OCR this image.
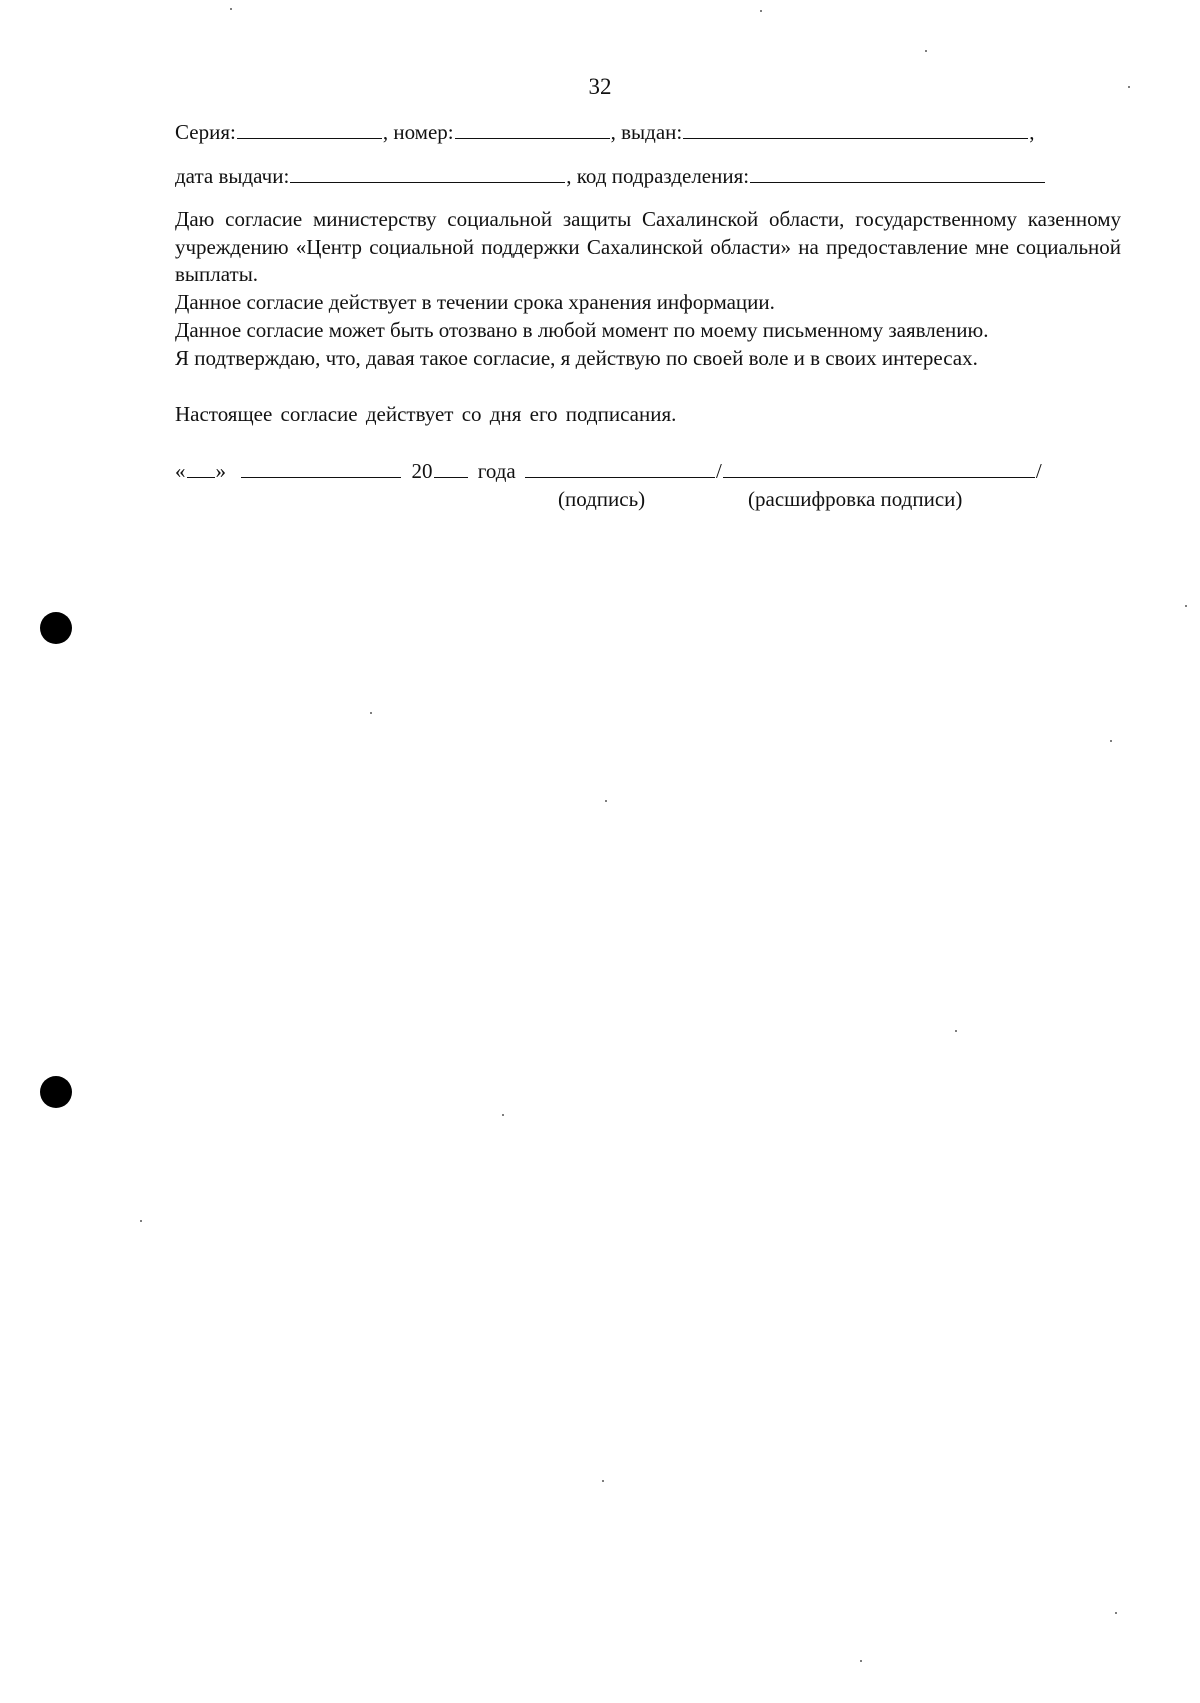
32
Серия:	, номер:	, выдан:	,
дата выдачи:	, код подразделения:
Даю согласие министерству социальной защиты Сахалинской области, государственному казенному учреждению «Центр социальной поддержки Сахалинской области» на предоставление мне социальной выплаты.
Данное согласие действует в течении срока хранения информации.
Данное согласие может быть отозвано в любой момент по моему письменному заявлению.
Я подтверждаю, что, давая такое согласие, я действую по своей воле и в своих интересах.
Настоящее согласие действует со дня его подписания.
« »	20 года	/	/
(подпись)	(расшифровка подписи)
